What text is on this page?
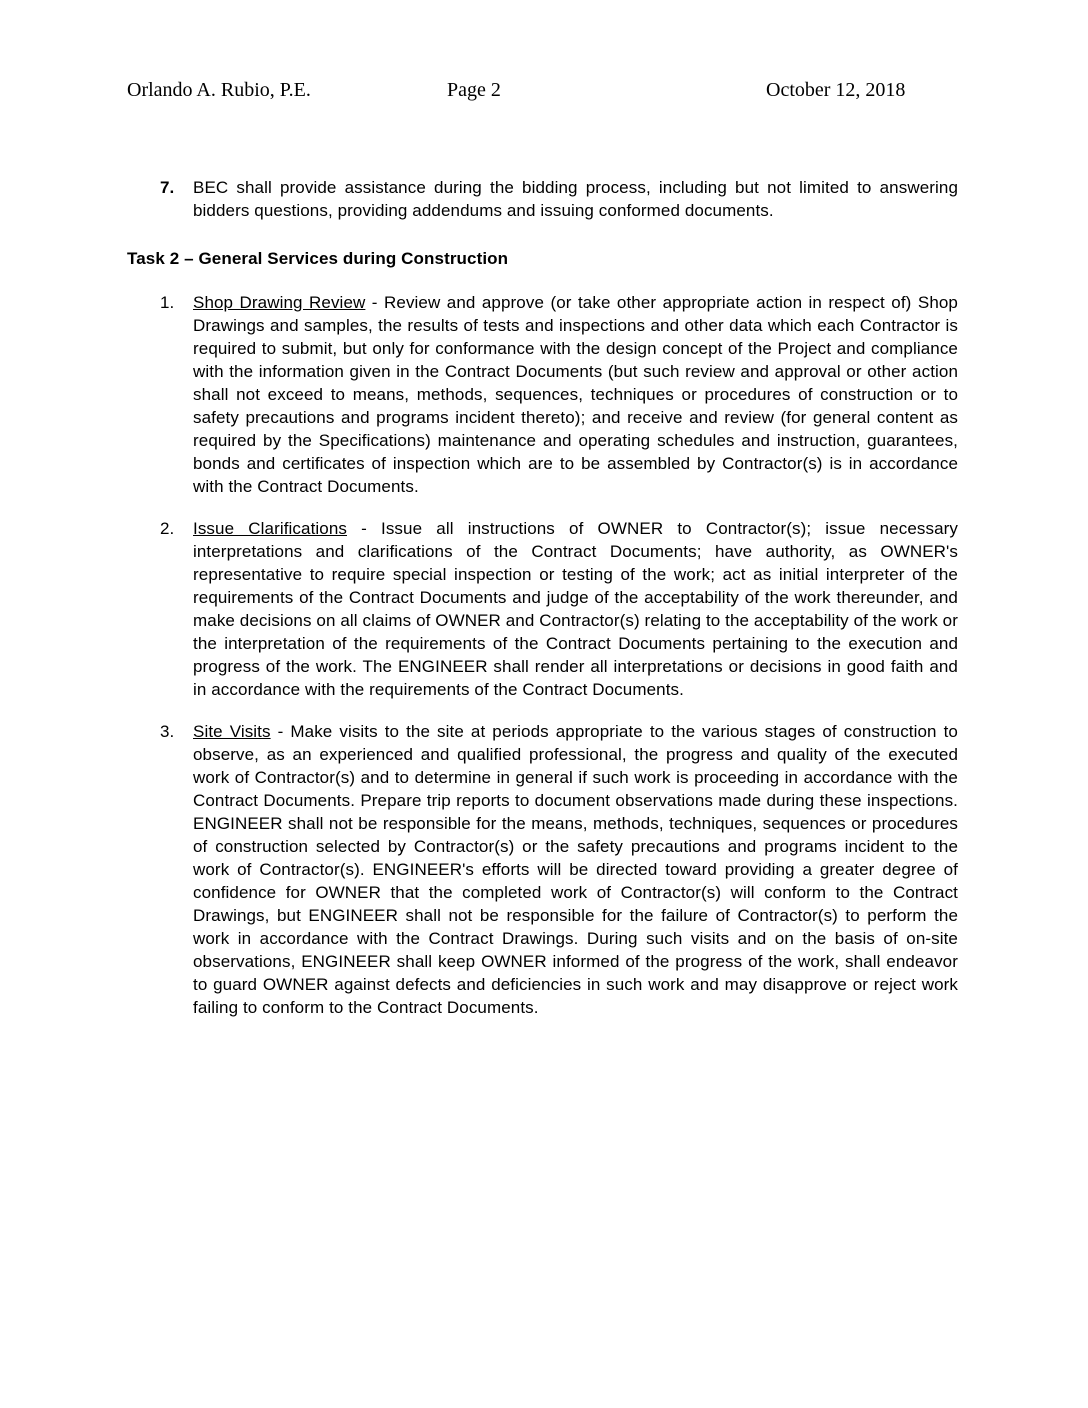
Orlando A. Rubio, P.E.	Page 2	October 12, 2018
7.	BEC shall provide assistance during the bidding process, including but not limited to answering bidders questions, providing addendums and issuing conformed documents.

Task 2 – General Services during Construction
1.	Shop Drawing Review - Review and approve (or take other appropriate action in respect of) Shop Drawings and samples, the results of tests and inspections and other data which each Contractor is required to submit, but only for conformance with the design concept of the Project and compliance with the information given in the Contract Documents (but such review and approval or other action shall not exceed to means, methods, sequences, techniques or procedures of construction or to safety precautions and programs incident thereto); and receive and review (for general content as required by the Specifications) maintenance and operating schedules and instruction, guarantees, bonds and certificates of inspection which are to be assembled by Contractor(s) is in accordance with the Contract Documents.

2.	Issue Clarifications - Issue all instructions of OWNER to Contractor(s); issue necessary interpretations and clarifications of the Contract Documents; have authority, as OWNER's representative to require special inspection or testing of the work; act as initial interpreter of the requirements of the Contract Documents and judge of the acceptability of the work thereunder, and make decisions on all claims of OWNER and Contractor(s) relating to the acceptability of the work or the interpretation of the requirements of the Contract Documents pertaining to the execution and progress of the work. The ENGINEER shall render all interpretations or decisions in good faith and in accordance with the requirements of the Contract Documents.

3.	Site Visits - Make visits to the site at periods appropriate to the various stages of construction to observe, as an experienced and qualified professional, the progress and quality of the executed work of Contractor(s) and to determine in general if such work is proceeding in accordance with the Contract Documents. Prepare trip reports to document observations made during these inspections. ENGINEER shall not be responsible for the means, methods, techniques, sequences or procedures of construction selected by Contractor(s) or the safety precautions and programs incident to the work of Contractor(s). ENGINEER's efforts will be directed toward providing a greater degree of confidence for OWNER that the completed work of Contractor(s) will conform to the Contract Drawings, but ENGINEER shall not be responsible for the failure of Contractor(s) to perform the work in accordance with the Contract Drawings. During such visits and on the basis of on-site observations, ENGINEER shall keep OWNER informed of the progress of the work, shall endeavor to guard OWNER against defects and deficiencies in such work and may disapprove or reject work failing to conform to the Contract Documents.
